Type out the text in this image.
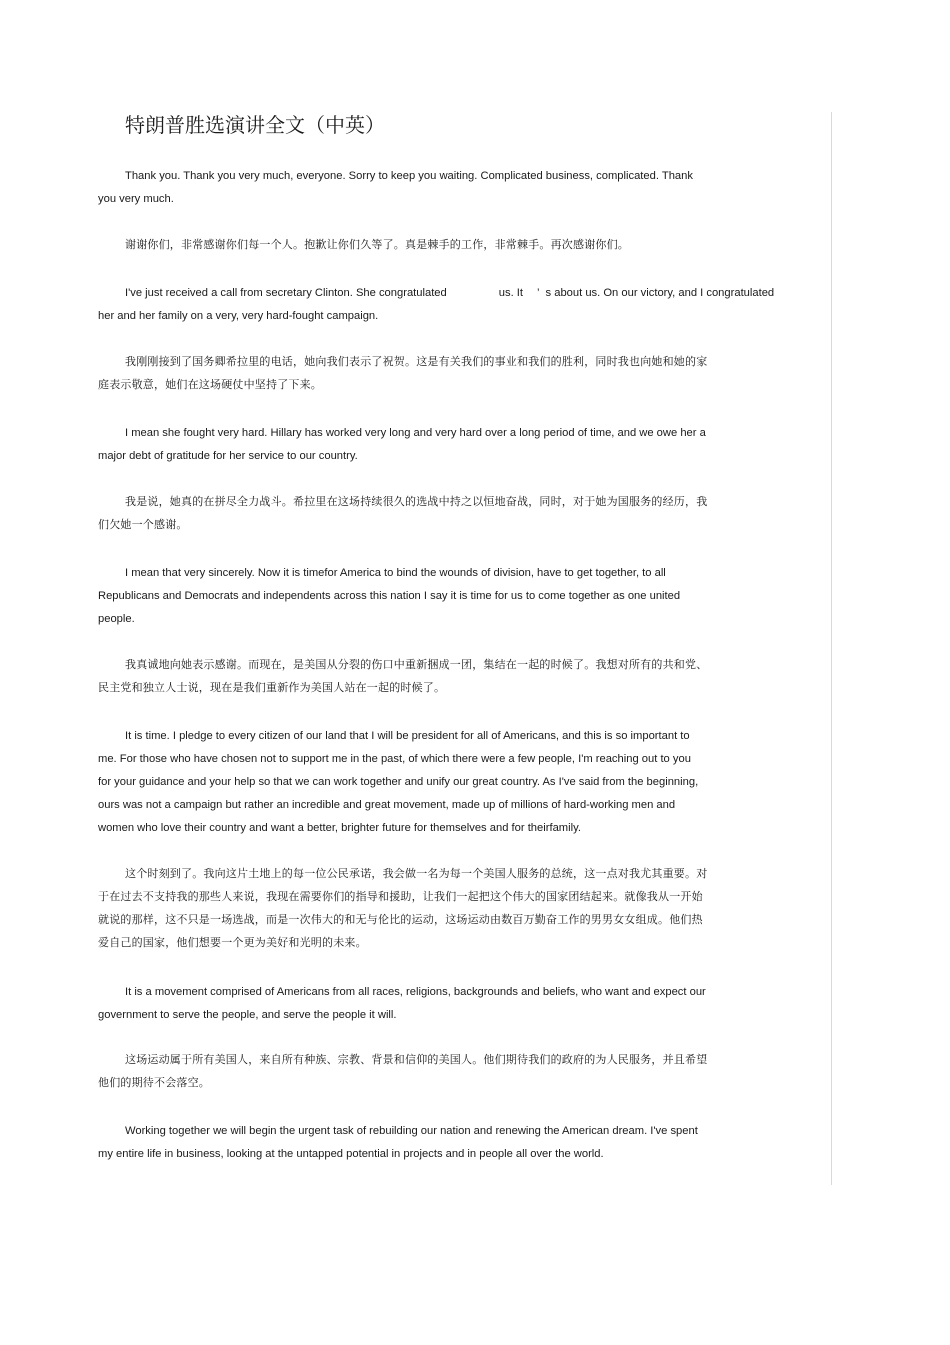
特朗普胜选演讲全文（中英）
Thank you. Thank you very much, everyone. Sorry to keep you waiting. Complicated business, complicated. Thank
you very much.
谢谢你们，非常感谢你们每一个人。抱歉让你们久等了。真是棘手的工作，非常棘手。再次感谢你们。
I've just received a call from secretary Clinton. She congratulated	us. It ’ s about us. On our victory, and I congratulated
her and her family on a very, very hard-fought campaign.
我刚刚接到了国务卿希拉里的电话，她向我们表示了祝贺。这是有关我们的事业和我们的胜利，同时我也向她和她的家
庭表示敬意，她们在这场硬仗中坚持了下来。
I mean she fought very hard. Hillary has worked very long and very hard over a long period of time, and we owe her a
major debt of gratitude for her service to our country.
我是说，她真的在拼尽全力战斗。希拉里在这场持续很久的选战中持之以恒地奋战，同时，对于她为国服务的经历，我
们欠她一个感谢。
I mean that very sincerely. Now it is timefor America to bind the wounds of division, have to get together, to all
Republicans and Democrats and independents across this nation I say it is time for us to come together as one united
people.
我真诚地向她表示感谢。而现在，是美国从分裂的伤口中重新捆成一团，集结在一起的时候了。我想对所有的共和党、
民主党和独立人士说，现在是我们重新作为美国人站在一起的时候了。
It is time. I pledge to every citizen of our land that I will be president for all of Americans, and this is so important to
me. For those who have chosen not to support me in the past, of which there were a few people, I'm reaching out to you
for your guidance and your help so that we can work together and unify our great country. As I've said from the beginning,
ours was not a campaign but rather an incredible and great movement, made up of millions of hard-working men and
women who love their country and want a better, brighter future for themselves and for theirfamily.
这个时刻到了。我向这片土地上的每一位公民承诺，我会做一名为每一个美国人服务的总统，这一点对我尤其重要。对
于在过去不支持我的那些人来说，我现在需要你们的指导和援助，让我们一起把这个伟大的国家团结起来。就像我从一开始
就说的那样，这不只是一场选战，而是一次伟大的和无与伦比的运动，这场运动由数百万勤奋工作的男男女女组成。他们热
爱自己的国家，他们想要一个更为美好和光明的未来。
It is a movement comprised of Americans from all races, religions, backgrounds and beliefs, who want and expect our
government to serve the people, and serve the people it will.
这场运动属于所有美国人，来自所有种族、宗教、背景和信仰的美国人。他们期待我们的政府的为人民服务，并且希望
他们的期待不会落空。
Working together we will begin the urgent task of rebuilding our nation and renewing the American dream. I've spent
my entire life in business, looking at the untapped potential in projects and in people all over the world.
